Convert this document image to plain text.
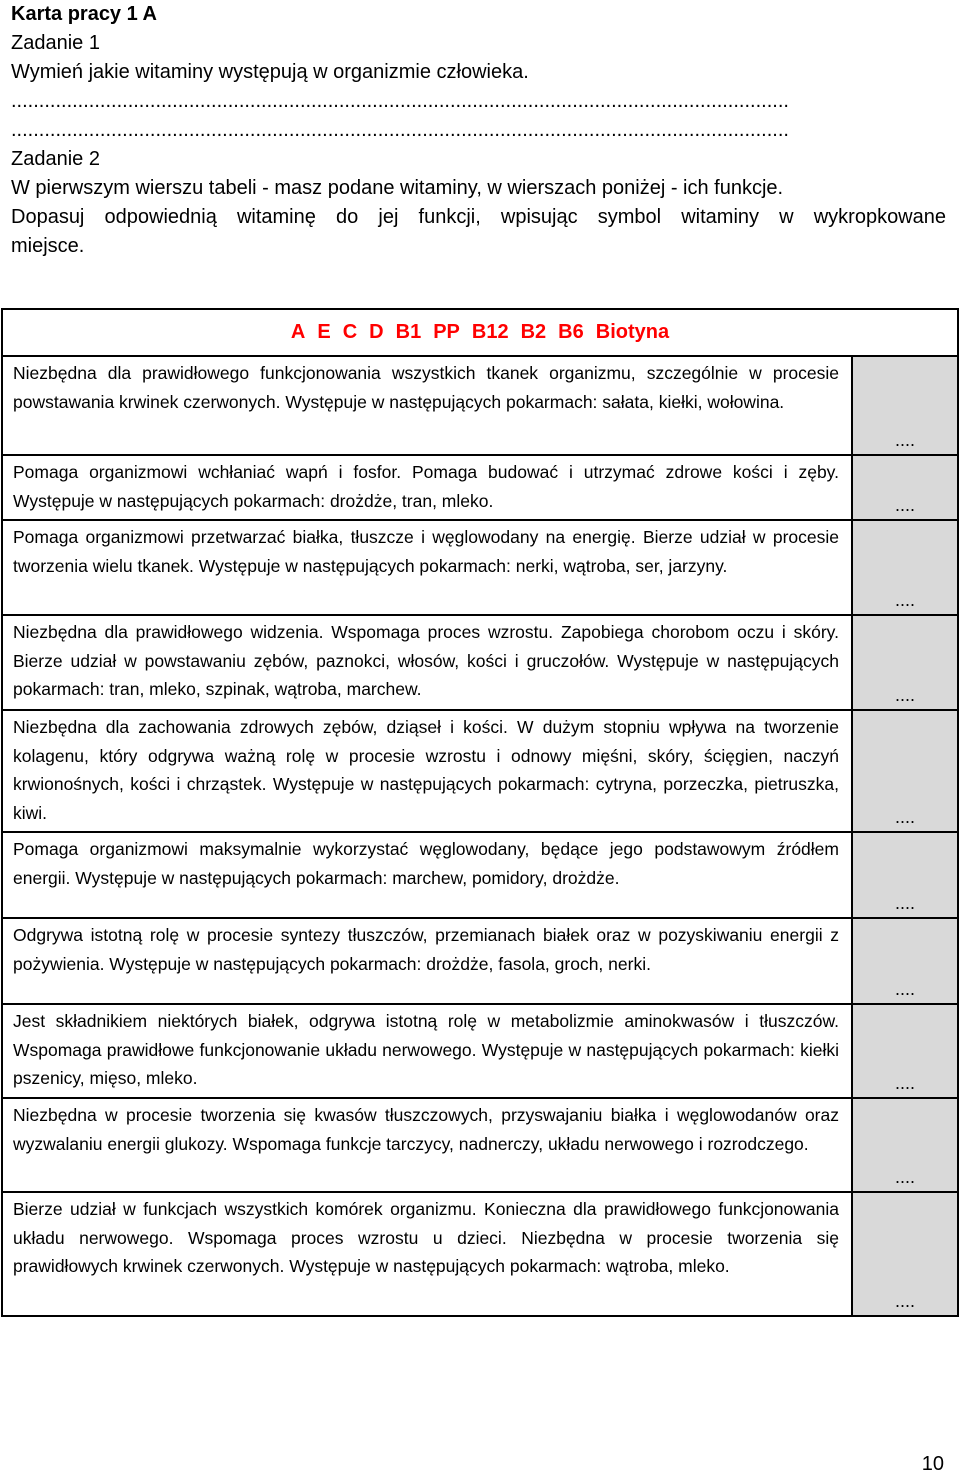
Karta pracy 1 A
Zadanie 1
Wymień jakie witaminy występują w organizmie człowieka.
............................................................................................................................................
............................................................................................................................................
Zadanie 2
W pierwszym wierszu tabeli - masz podane witaminy, w wierszach poniżej - ich funkcje.
Dopasuj odpowiednią witaminę do jej funkcji, wpisując symbol witaminy w wykropkowane
miejsce.
A E C D B1 PP B12 B2 B6 Biotyna	

Niezbędna dla prawidłowego funkcjonowania wszystkich tkanek organizmu, szczególnie w procesie powstawania krwinek czerwonych. Występuje w następujących pokarmach: sałata, kiełki, wołowina.	....

Pomaga organizmowi wchłaniać wapń i fosfor. Pomaga budować i utrzymać zdrowe kości i zęby. Występuje w następujących pokarmach: drożdże, tran, mleko.	....

Pomaga organizmowi przetwarzać białka, tłuszcze i węglowodany na energię. Bierze udział w procesie tworzenia wielu tkanek. Występuje w następujących pokarmach: nerki, wątroba, ser, jarzyny.	....

Niezbędna dla prawidłowego widzenia. Wspomaga proces wzrostu. Zapobiega chorobom oczu i skóry. Bierze udział w powstawaniu zębów, paznokci, włosów, kości i gruczołów. Występuje w następujących pokarmach: tran, mleko, szpinak, wątroba, marchew.	....

Niezbędna dla zachowania zdrowych zębów, dziąseł i kości. W dużym stopniu wpływa na tworzenie kolagenu, który odgrywa ważną rolę w procesie wzrostu i odnowy mięśni, skóry, ścięgien, naczyń krwionośnych, kości i chrząstek. Występuje w następujących pokarmach: cytryna, porzeczka, pietruszka, kiwi.	....

Pomaga organizmowi maksymalnie wykorzystać węglowodany, będące jego podstawowym źródłem energii. Występuje w następujących pokarmach: marchew, pomidory, drożdże.	....

Odgrywa istotną rolę w procesie syntezy tłuszczów, przemianach białek oraz w pozyskiwaniu energii z pożywienia. Występuje w następujących pokarmach: drożdże, fasola, groch, nerki.	....

Jest składnikiem niektórych białek, odgrywa istotną rolę w metabolizmie aminokwasów i tłuszczów. Wspomaga prawidłowe funkcjonowanie układu nerwowego. Występuje w następujących pokarmach: kiełki pszenicy, mięso, mleko.	....

Niezbędna w procesie tworzenia się kwasów tłuszczowych, przyswajaniu białka i węglowodanów oraz wyzwalaniu energii glukozy. Wspomaga funkcje tarczycy, nadnerczy, układu nerwowego i rozrodczego.	....

Bierze udział w funkcjach wszystkich komórek organizmu. Konieczna dla prawidłowego funkcjonowania układu nerwowego. Wspomaga proces wzrostu u dzieci. Niezbędna w procesie tworzenia się prawidłowych krwinek czerwonych. Występuje w następujących pokarmach: wątroba, mleko.	....
10
